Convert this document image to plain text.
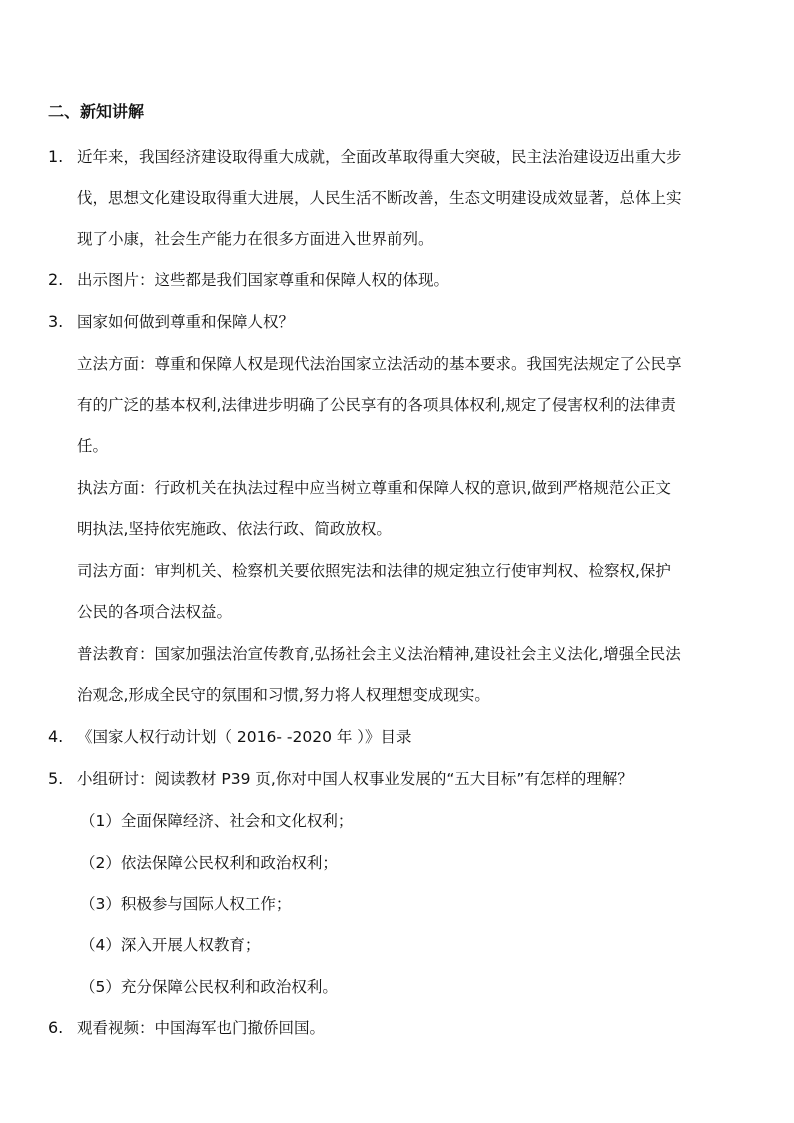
二、新知讲解
1. 近年来，我国经济建设取得重大成就，全面改革取得重大突破，民主法治建设迈出重大步
伐，思想文化建设取得重大进展，人民生活不断改善，生态文明建设成效显著，总体上实
现了小康，社会生产能力在很多方面进入世界前列。
2. 出示图片：这些都是我们国家尊重和保障人权的体现。
3. 国家如何做到尊重和保障人权？
立法方面：尊重和保障人权是现代法治国家立法活动的基本要求。我国宪法规定了公民享
有的广泛的基本权利,法律进步明确了公民享有的各项具体权利,规定了侵害权利的法律责
任。
执法方面：行政机关在执法过程中应当树立尊重和保障人权的意识,做到严格规范公正文
明执法,坚持依宪施政、依法行政、简政放权。
司法方面：审判机关、检察机关要依照宪法和法律的规定独立行使审判权、检察权,保护
公民的各项合法权益。
普法教育：国家加强法治宣传教育,弘扬社会主义法治精神,建设社会主义法化,增强全民法
治观念,形成全民守的氛围和习惯,努力将人权理想变成现实。
4. 《国家人权行动计划（ 2016- -2020 年 ）》目录
5. 小组研讨：阅读教材 P39 页,你对中国人权事业发展的“五大目标”有怎样的理解？
（1）全面保障经济、社会和文化权利；
（2）依法保障公民权利和政治权利；
（3）积极参与国际人权工作；
（4）深入开展人权教育；
（5）充分保障公民权利和政治权利。
6. 观看视频：中国海军也门撤侨回国。
